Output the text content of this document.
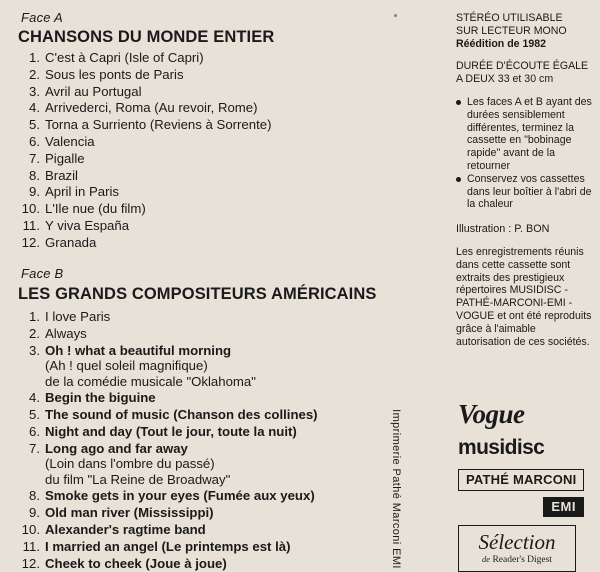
Face A
CHANSONS DU MONDE ENTIER
1. C'est à Capri (Isle of Capri)
2. Sous les ponts de Paris
3. Avril au Portugal
4. Arrivederci, Roma (Au revoir, Rome)
5. Torna a Surriento (Reviens à Sorrente)
6. Valencia
7. Pigalle
8. Brazil
9. April in Paris
10. L'Ile nue (du film)
11. Y viva España
12. Granada
Face B
LES GRANDS COMPOSITEURS AMÉRICAINS
1. I love Paris
2. Always
3. Oh ! what a beautiful morning
(Ah ! quel soleil magnifique)
de la comédie musicale "Oklahoma"
4. Begin the biguine
5. The sound of music (Chanson des collines)
6. Night and day (Tout le jour, toute la nuit)
7. Long ago and far away
(Loin dans l'ombre du passé)
du film "La Reine de Broadway"
8. Smoke gets in your eyes (Fumée aux yeux)
9. Old man river (Mississippi)
10. Alexander's ragtime band
11. I married an angel (Le printemps est là)
12. Cheek to cheek (Joue à joue)	Imprimerie Pathé Marconi EMI
STÉRÉO UTILISABLE
SUR LECTEUR MONO
Réédition de 1982
DURÉE D'ÉCOUTE ÉGALE
A DEUX 33 et 30 cm
Les faces A et B ayant des durées sensiblement différentes, terminez la cassette en "bobinage rapide" avant de la retourner
Conservez vos cassettes dans leur boîtier à l'abri de la chaleur
Illustration : P. BON
Les enregistrements réunis dans cette cassette sont extraits des prestigieux répertoires MUSIDISC - PATHÉ-MARCONI-EMI - VOGUE et ont été reproduits grâce à l'aimable autorisation de ces sociétés.
Vogue
musidisc
PATHÉ MARCONI
EMI
Sélection
de Reader's Digest
